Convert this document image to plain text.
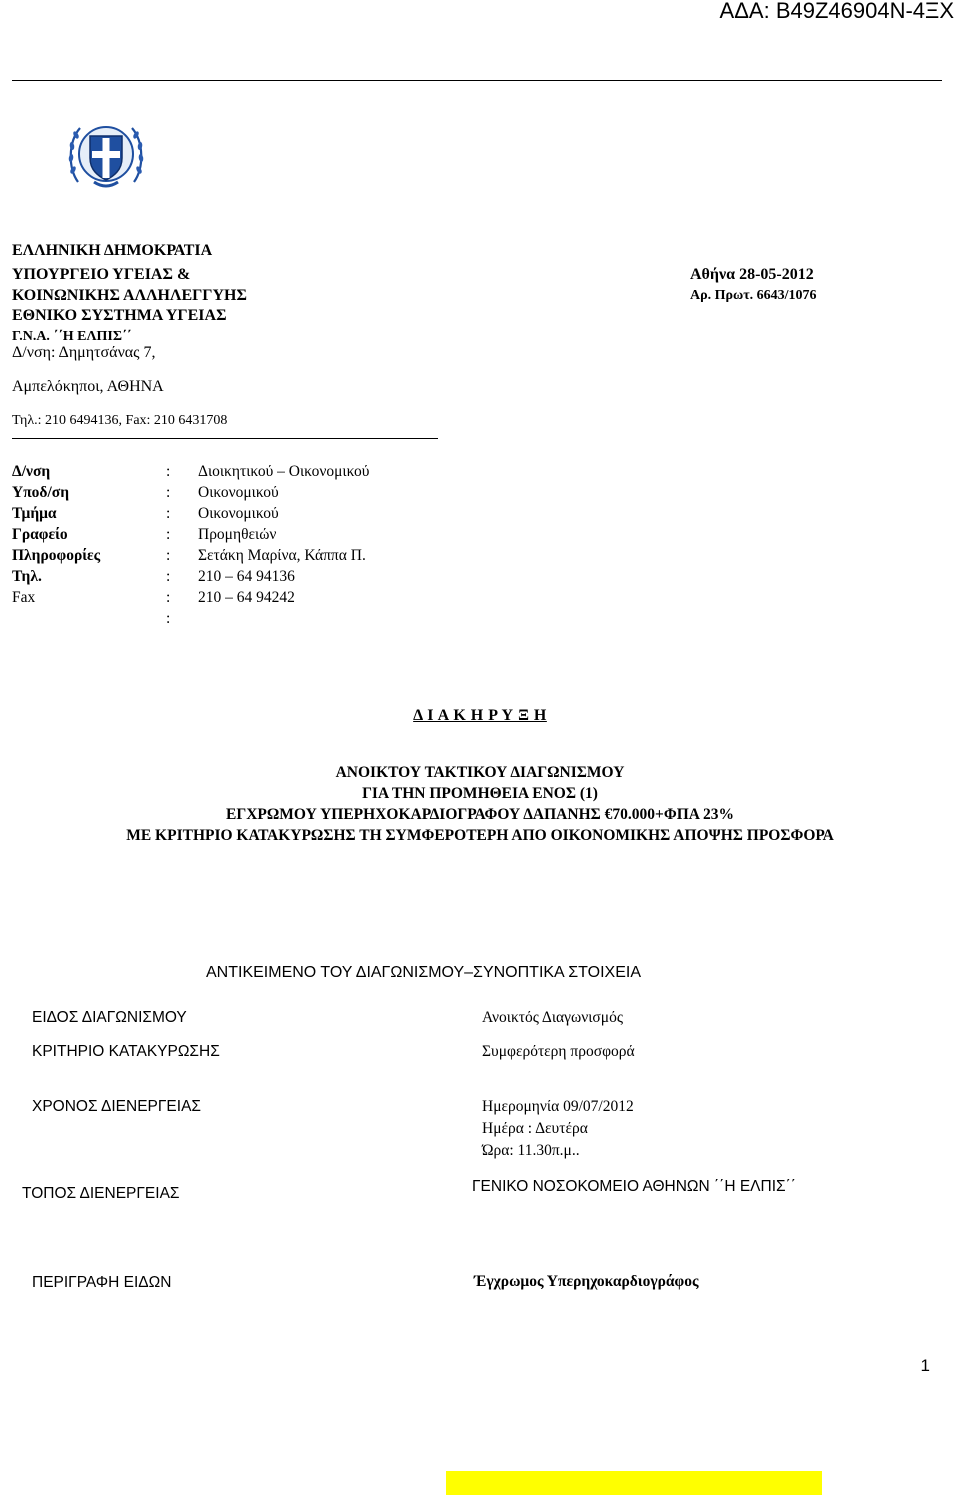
ΑΔΑ: Β49Ζ46904Ν-4ΞΧ
ΕΛΛΗΝΙΚΗ ΔΗΜΟΚΡΑΤΙΑ
ΥΠΟΥΡΓΕΙΟ ΥΓΕΙΑΣ &
ΚΟΙΝΩΝΙΚΗΣ ΑΛΛΗΛΕΓΓΥΗΣ
ΕΘΝΙΚΟ ΣΥΣΤΗΜΑ ΥΓΕΙΑΣ
Γ.Ν.Α. ΄΄Η ΕΛΠΙΣ΄΄
Δ/νση: Δημητσάνας 7,
Αμπελόκηποι, ΑΘΗΝΑ
Τηλ.: 210 6494136, Fax: 210 6431708
Αθήνα 28-05-2012
Αρ. Πρωτ. 6643/1076
Δ/νση	: Διοικητικού – Οικονομικού
Υποδ/ση	: Οικονομικού
Τμήμα	: Οικονομικού
Γραφείο	: Προμηθειών
Πληροφορίες	: Σετάκη Μαρίνα, Κάππα Π.
Τηλ.	: 210 – 64 94136
Fax	: 210 – 64 94242
:
Δ Ι Α Κ Η Ρ Υ Ξ Η
ΑΝΟΙΚΤΟΥ ΤΑΚΤΙΚΟΥ ΔΙΑΓΩΝΙΣΜΟΥ
ΓΙΑ ΤΗΝ ΠΡΟΜΗΘΕΙΑ ΕΝΟΣ (1)
ΕΓΧΡΩΜΟΥ ΥΠΕΡΗΧΟΚΑΡΔΙΟΓΡΑΦΟΥ ΔΑΠΑΝΗΣ €70.000+ΦΠΑ 23%
ΜΕ ΚΡΙΤΗΡΙΟ ΚΑΤΑΚΥΡΩΣΗΣ ΤΗ ΣΥΜΦΕΡΟΤΕΡΗ ΑΠΟ ΟΙΚΟΝΟΜΙΚΗΣ ΑΠΟΨΗΣ ΠΡΟΣΦΟΡΑ
ΑΝΤΙΚΕΙΜΕΝΟ ΤΟΥ ΔΙΑΓΩΝΙΣΜΟΥ–ΣΥΝΟΠΤΙΚΑ ΣΤΟΙΧΕΙΑ
ΕΙΔΟΣ ΔΙΑΓΩΝΙΣΜΟΥ	Ανοικτός Διαγωνισμός
ΚΡΙΤΗΡΙΟ ΚΑΤΑΚΥΡΩΣΗΣ	Συμφερότερη προσφορά
ΧΡΟΝΟΣ ΔΙΕΝΕΡΓΕΙΑΣ	Ημερομηνία 09/07/2012
Ημέρα : Δευτέρα
Ώρα: 11.30π.μ..
ΤΟΠΟΣ ΔΙΕΝΕΡΓΕΙΑΣ	ΓΕΝΙΚΟ ΝΟΣΟΚΟΜΕΙΟ ΑΘΗΝΩΝ ΄΄Η ΕΛΠΙΣ΄΄
ΠΕΡΙΓΡΑΦΗ ΕΙΔΩΝ	Έγχρωμος Υπερηχοκαρδιογράφος
1
